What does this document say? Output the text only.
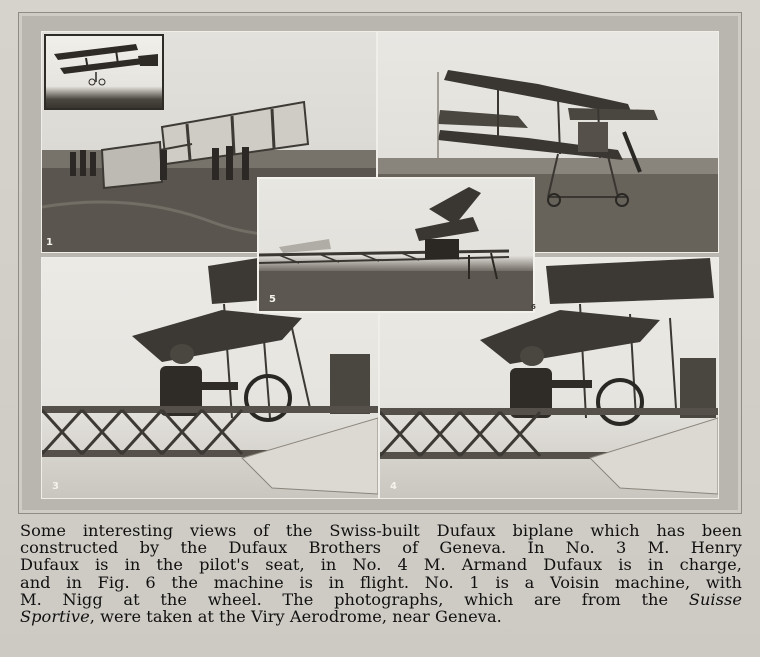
1
3	4
5
6
Some interesting views of the Swiss-built Dufaux biplane which has been
constructed by the Dufaux Brothers of Geneva. In No. 3 M. Henry
Dufaux is in the pilot's seat, in No. 4 M. Armand Dufaux is in charge,
and in Fig. 6 the machine is in flight. No. 1 is a Voisin machine, with
M. Nigg at the wheel. The photographs, which are from the Suisse
Sportive, were taken at the Viry Aerodrome, near Geneva.
